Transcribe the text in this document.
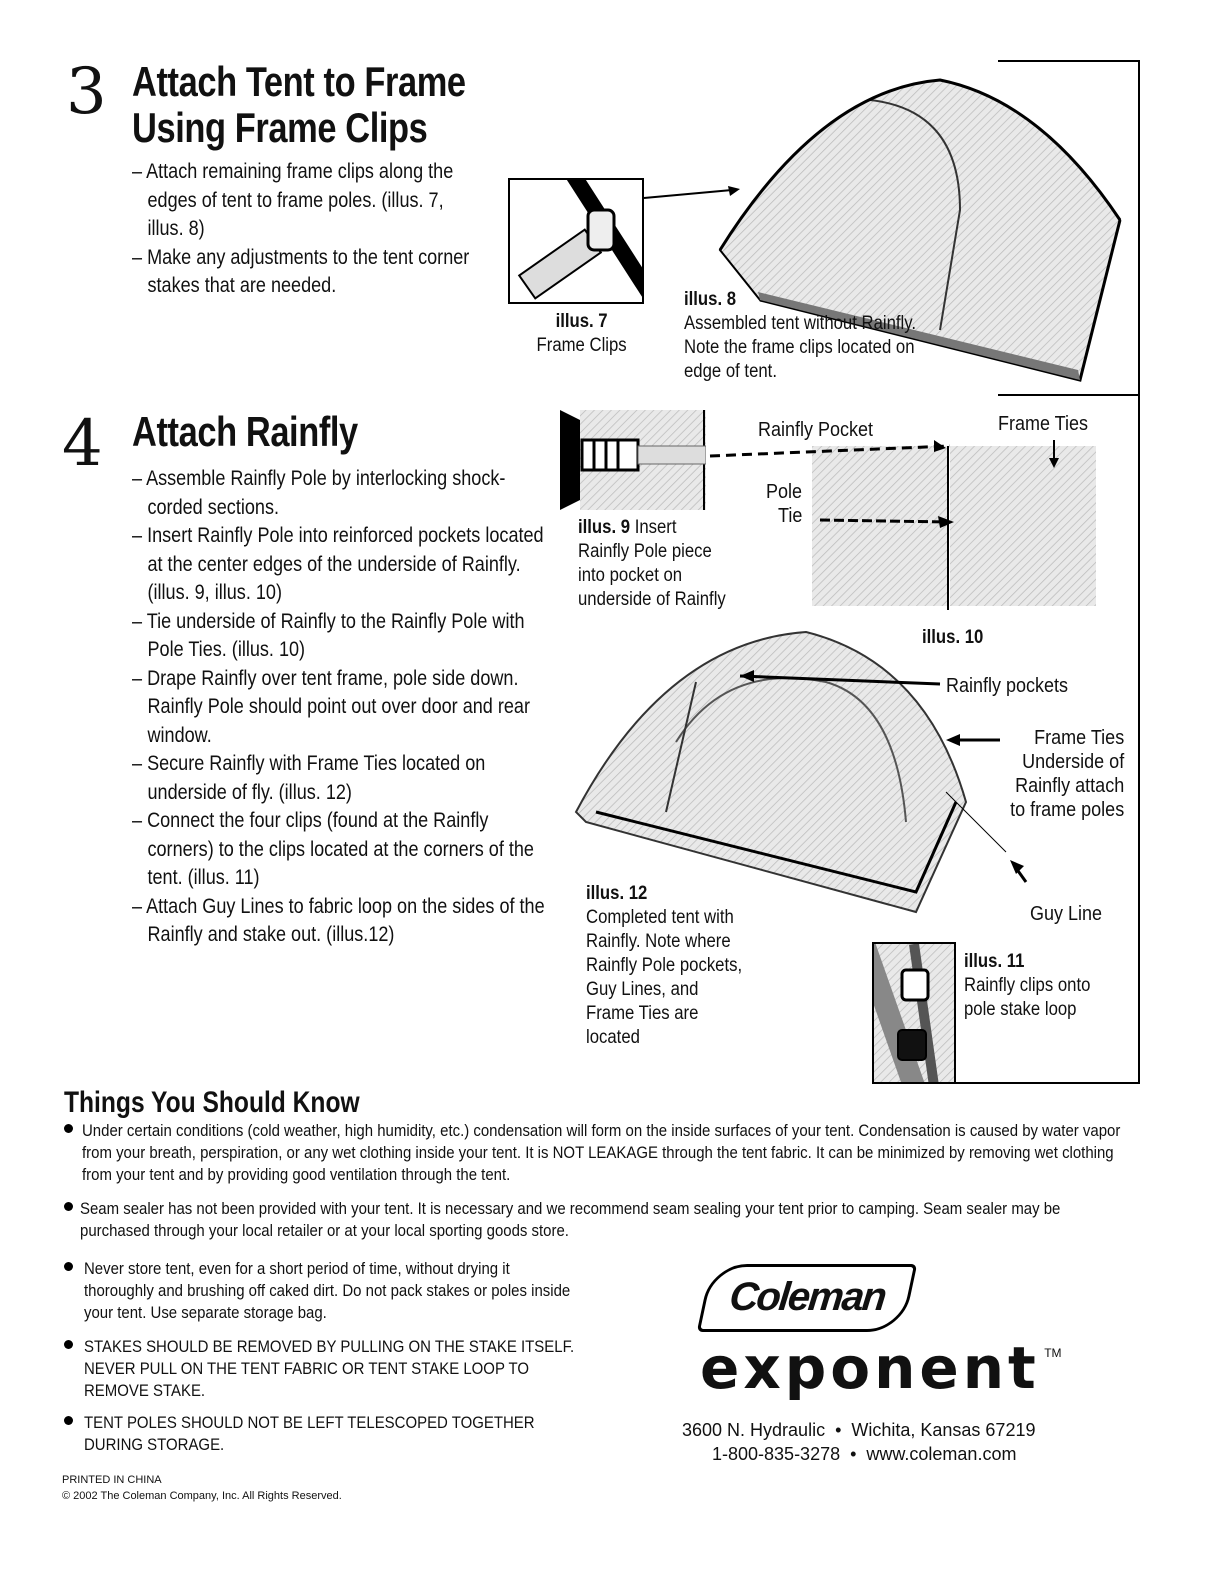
3 Attach Tent to Frame
Using Frame Clips
– Attach remaining frame clips along the edges of tent to frame poles. (illus. 7, illus. 8)
– Make any adjustments to the tent corner stakes that are needed.
illus. 7
Frame Clips
illus. 8
Assembled tent without Rainfly. Note the frame clips located on edge of tent.
4 Attach Rainfly
– Assemble Rainfly Pole by interlocking shock-corded sections.
– Insert Rainfly Pole into reinforced pockets located at the center edges of the underside of Rainfly. (illus. 9, illus. 10)
– Tie underside of Rainfly to the Rainfly Pole with Pole Ties. (illus. 10)
– Drape Rainfly over tent frame, pole side down. Rainfly Pole should point out over door and rear window.
– Secure Rainfly with Frame Ties located on underside of fly. (illus. 12)
– Connect the four clips (found at the Rainfly corners) to the clips located at the corners of the tent. (illus. 11)
– Attach Guy Lines to fabric loop on the sides of the Rainfly and stake out. (illus.12)
illus. 9 Insert
Rainfly Pole piece into pocket on underside of Rainfly
Rainfly Pocket	Frame Ties
Pole
Tie
illus. 10
Rainfly pockets
Frame Ties Underside of Rainfly attach to frame poles
Guy Line
illus. 12
Completed tent with Rainfly. Note where Rainfly Pole pockets, Guy Lines, and Frame Ties are located
illus. 11
Rainfly clips onto pole stake loop
Things You Should Know
Under certain conditions (cold weather, high humidity, etc.) condensation will form on the inside surfaces of your tent. Condensation is caused by water vapor from your breath, perspiration, or any wet clothing inside your tent. It is NOT LEAKAGE through the tent fabric. It can be minimized by removing wet clothing from your tent and by providing good ventilation through the tent.
Seam sealer has not been provided with your tent. It is necessary and we recommend seam sealing your tent prior to camping. Seam sealer may be purchased through your local retailer or at your local sporting goods store.
Never store tent, even for a short period of time, without drying it thoroughly and brushing off caked dirt. Do not pack stakes or poles inside your tent. Use separate storage bag.
STAKES SHOULD BE REMOVED BY PULLING ON THE STAKE ITSELF. NEVER PULL ON THE TENT FABRIC OR TENT STAKE LOOP TO REMOVE STAKE.
TENT POLES SHOULD NOT BE LEFT TELESCOPED TOGETHER DURING STORAGE.
Coleman
exponent ™
3600 N. Hydraulic  •  Wichita, Kansas 67219
1-800-835-3278  •  www.coleman.com
PRINTED IN CHINA
© 2002 The Coleman Company, Inc. All Rights Reserved.
